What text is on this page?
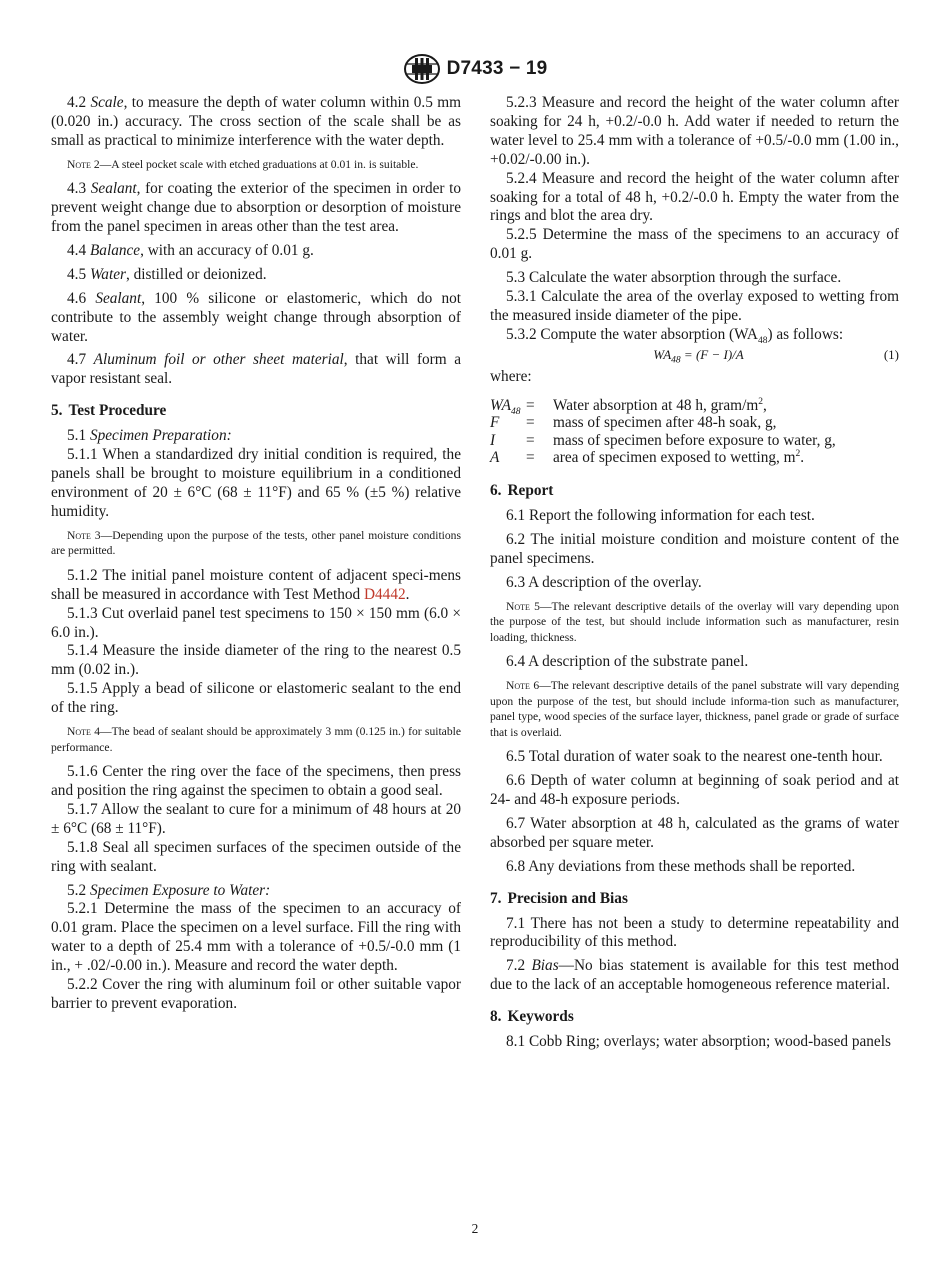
D7433 − 19

4.2 Scale, to measure the depth of water column within 0.5 mm (0.020 in.) accuracy. The cross section of the scale shall be as small as practical to minimize interference with the water depth.

Note 2—A steel pocket scale with etched graduations at 0.01 in. is suitable.

4.3 Sealant, for coating the exterior of the specimen in order to prevent weight change due to absorption or desorption of moisture from the panel specimen in areas other than the test area.

4.4 Balance, with an accuracy of 0.01 g.

4.5 Water, distilled or deionized.

4.6 Sealant, 100 % silicone or elastomeric, which do not contribute to the assembly weight change through absorption of water.

4.7 Aluminum foil or other sheet material, that will form a vapor resistant seal.

5. Test Procedure

5.1 Specimen Preparation:

5.1.1 When a standardized dry initial condition is required, the panels shall be brought to moisture equilibrium in a conditioned environment of 20 ± 6°C (68 ± 11°F) and 65 % (±5 %) relative humidity.

Note 3—Depending upon the purpose of the tests, other panel moisture conditions are permitted.

5.1.2 The initial panel moisture content of adjacent speci-mens shall be measured in accordance with Test Method D4442.

5.1.3 Cut overlaid panel test specimens to 150 × 150 mm (6.0 × 6.0 in.).

5.1.4 Measure the inside diameter of the ring to the nearest 0.5 mm (0.02 in.).

5.1.5 Apply a bead of silicone or elastomeric sealant to the end of the ring.

Note 4—The bead of sealant should be approximately 3 mm (0.125 in.) for suitable performance.

5.1.6 Center the ring over the face of the specimens, then press and position the ring against the specimen to obtain a good seal.

5.1.7 Allow the sealant to cure for a minimum of 48 hours at 20 ± 6°C (68 ± 11°F).

5.1.8 Seal all specimen surfaces of the specimen outside of the ring with sealant.

5.2 Specimen Exposure to Water:

5.2.1 Determine the mass of the specimen to an accuracy of 0.01 gram. Place the specimen on a level surface. Fill the ring with water to a depth of 25.4 mm with a tolerance of +0.5/-0.0 mm (1 in., + .02/-0.00 in.). Measure and record the water depth.

5.2.2 Cover the ring with aluminum foil or other suitable vapor barrier to prevent evaporation.

5.2.3 Measure and record the height of the water column after soaking for 24 h, +0.2/-0.0 h. Add water if needed to return the water level to 25.4 mm with a tolerance of +0.5/-0.0 mm (1.00 in., +0.02/-0.00 in.).

5.2.4 Measure and record the height of the water column after soaking for a total of 48 h, +0.2/-0.0 h. Empty the water from the rings and blot the area dry.

5.2.5 Determine the mass of the specimens to an accuracy of 0.01 g.

5.3 Calculate the water absorption through the surface.

5.3.1 Calculate the area of the overlay exposed to wetting from the measured inside diameter of the pipe.

5.3.2 Compute the water absorption $(WA_{48})$ as follows:

$WA_{48} = (F - I)/A$	(1)

where:

$WA_{48}$	=	Water absorption at 48 h, gram/$m^2$,
F	=	mass of specimen after 48-h soak, g,
I	=	mass of specimen before exposure to water, g,
A	=	area of specimen exposed to wetting, $m^2$.

6. Report

6.1 Report the following information for each test.

6.2 The initial moisture condition and moisture content of the panel specimens.

6.3 A description of the overlay.

Note 5—The relevant descriptive details of the overlay will vary depending upon the purpose of the test, but should include information such as manufacturer, resin loading, thickness.

6.4 A description of the substrate panel.

Note 6—The relevant descriptive details of the panel substrate will vary depending upon the purpose of the test, but should include informa-tion such as manufacturer, panel type, wood species of the surface layer, thickness, panel grade or grade of surface that is overlaid.

6.5 Total duration of water soak to the nearest one-tenth hour.

6.6 Depth of water column at beginning of soak period and at 24- and 48-h exposure periods.

6.7 Water absorption at 48 h, calculated as the grams of water absorbed per square meter.

6.8 Any deviations from these methods shall be reported.

7. Precision and Bias

7.1 There has not been a study to determine repeatability and reproducibility of this method.

7.2 Bias—No bias statement is available for this test method due to the lack of an acceptable homogeneous reference material.

8. Keywords

8.1 Cobb Ring; overlays; water absorption; wood-based panels

2
